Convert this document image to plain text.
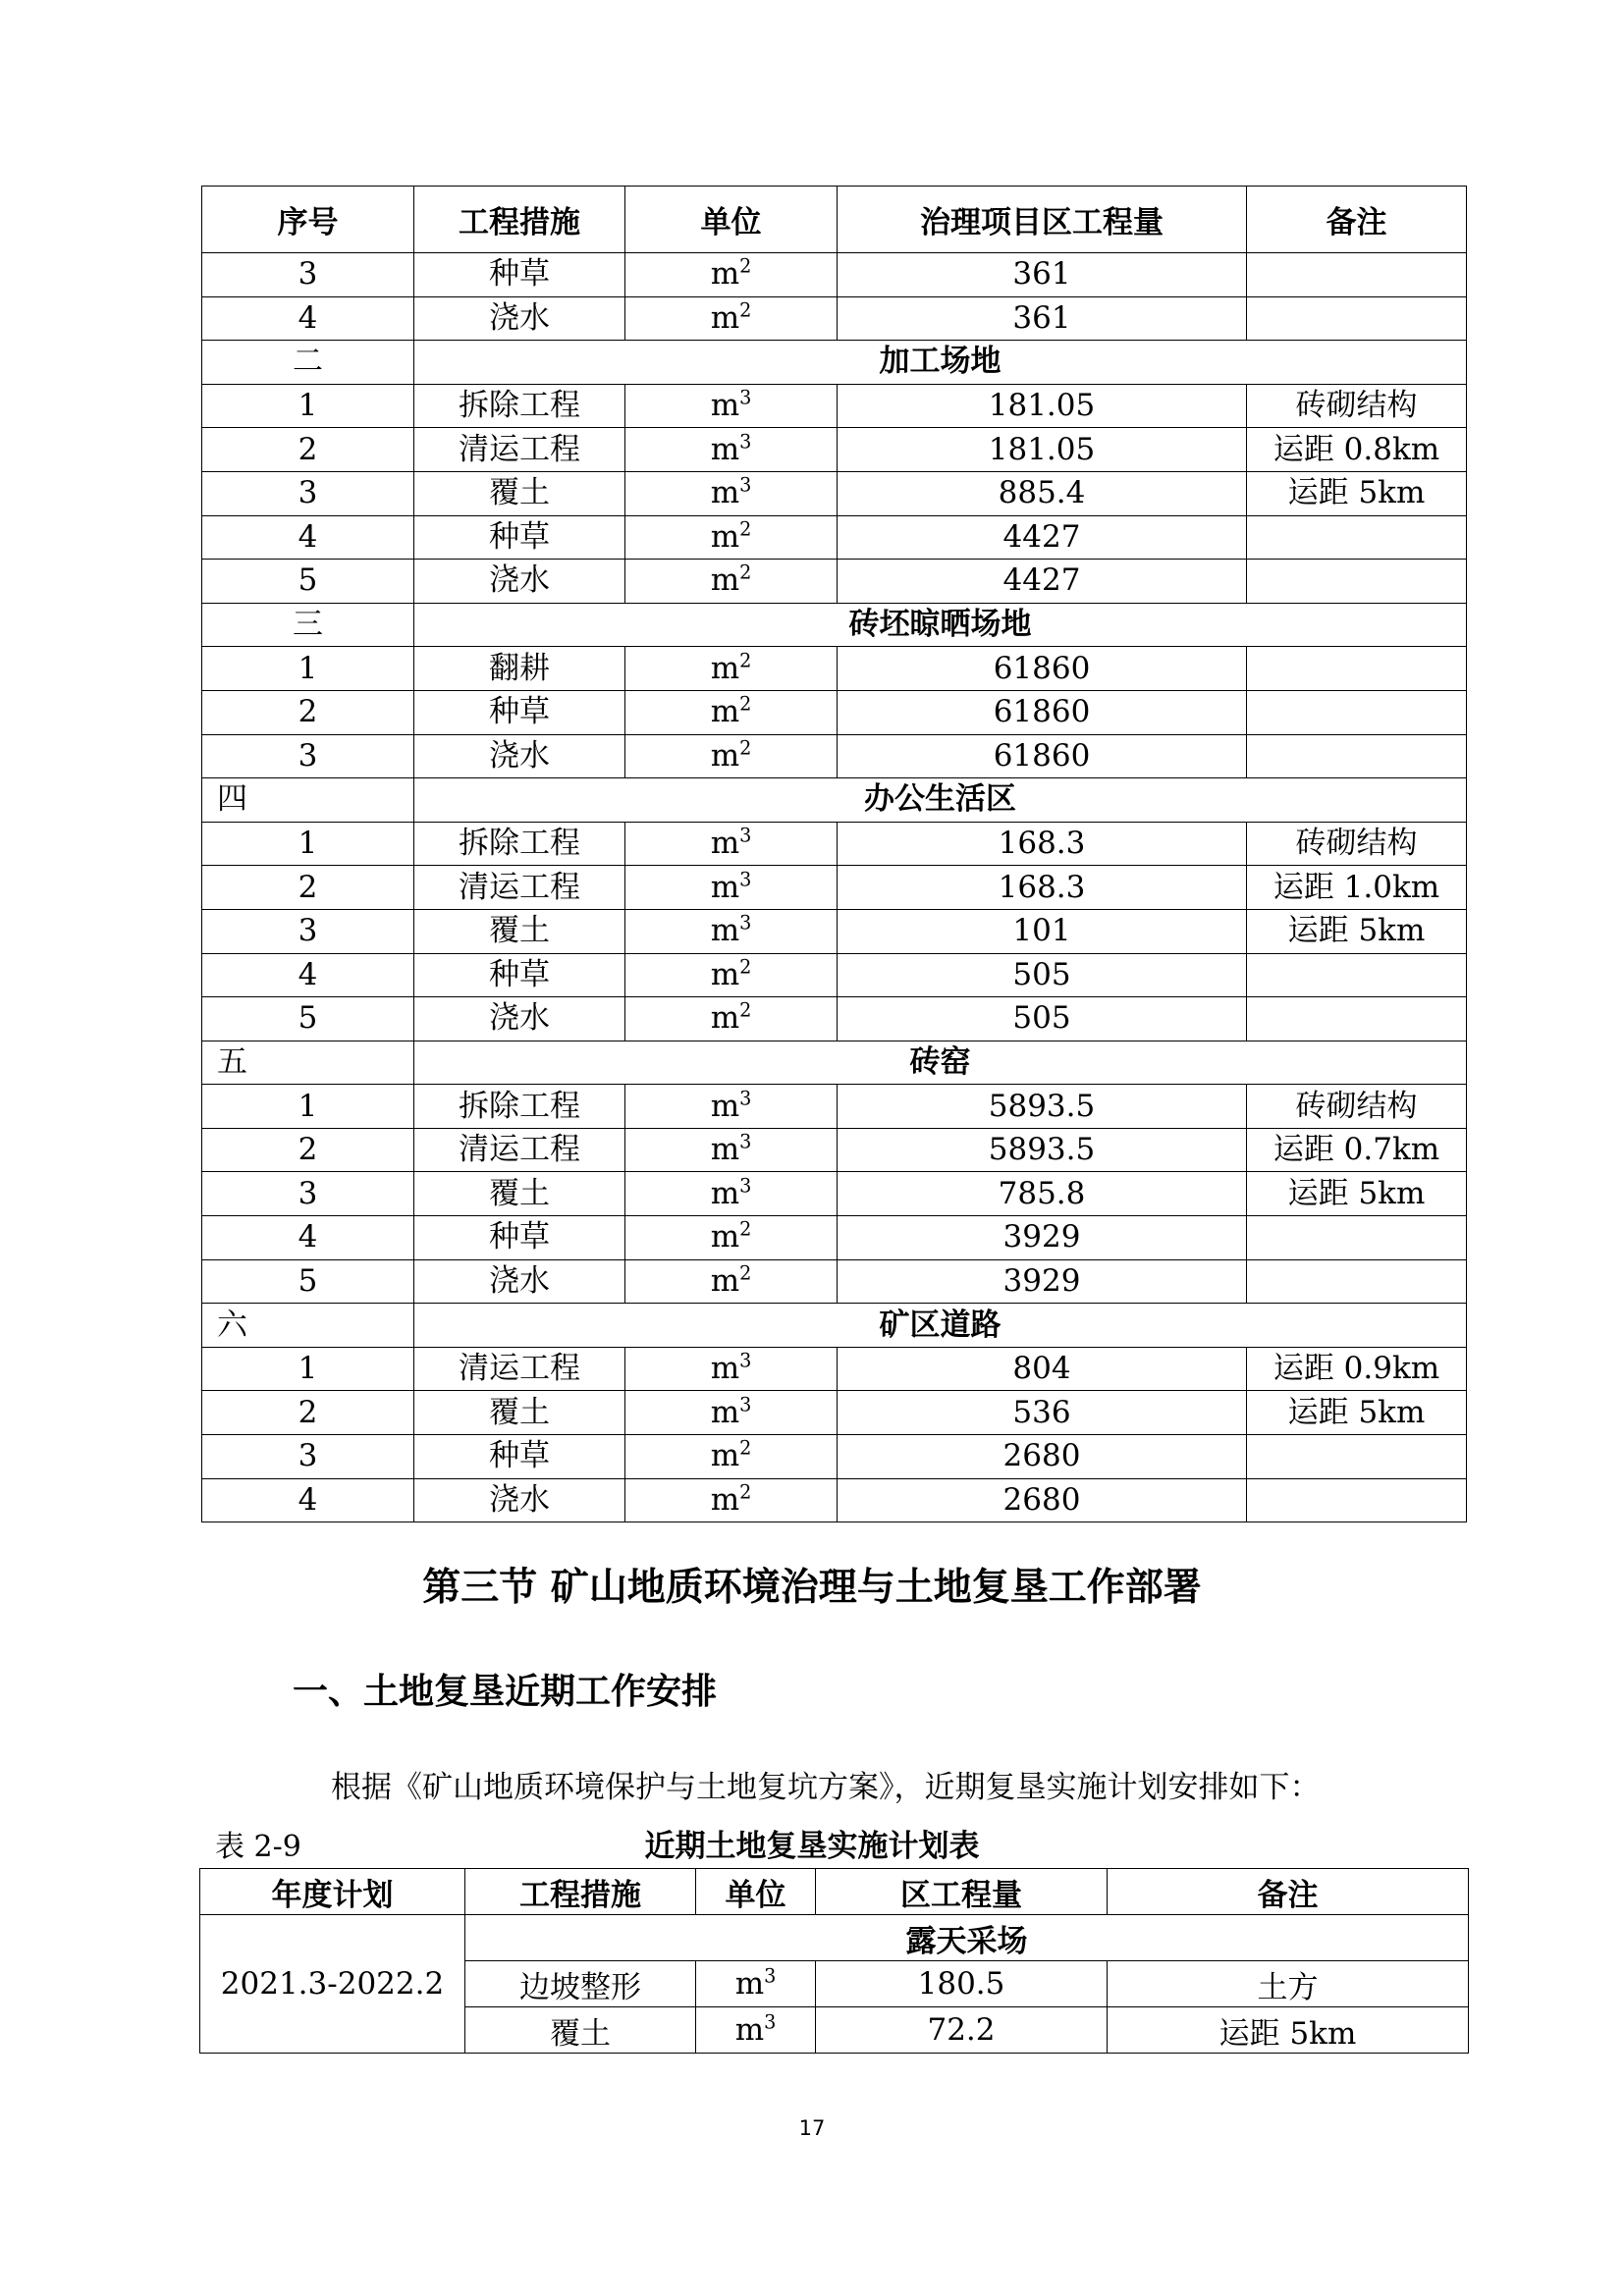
序号	工程措施	单位	治理项目区工程量	备注
3	种草	$m^2$	361	
4	浇水	$m^2$	361	
二	加工场地			
1	拆除工程	$m^3$	181.05	砖砌结构
2	清运工程	$m^3$	181.05	运距 0.8km
3	覆土	$m^3$	885.4	运距 5km
4	种草	$m^2$	4427	
5	浇水	$m^2$	4427	
三	砖坯晾晒场地			
1	翻耕	$m^2$	61860	
2	种草	$m^2$	61860	
3	浇水	$m^2$	61860	
四	办公生活区			
1	拆除工程	$m^3$	168.3	砖砌结构
2	清运工程	$m^3$	168.3	运距 1.0km
3	覆土	$m^3$	101	运距 5km
4	种草	$m^2$	505	
5	浇水	$m^2$	505	
五	砖窑			
1	拆除工程	$m^3$	5893.5	砖砌结构
2	清运工程	$m^3$	5893.5	运距 0.7km
3	覆土	$m^3$	785.8	运距 5km
4	种草	$m^2$	3929	
5	浇水	$m^2$	3929	
六	矿区道路			
1	清运工程	$m^3$	804	运距 0.9km
2	覆土	$m^3$	536	运距 5km
3	种草	$m^2$	2680	
4	浇水	$m^2$	2680	
第三节 矿山地质环境治理与土地复垦工作部署
一、土地复垦近期工作安排
根据《矿山地质环境保护与土地复坑方案》，近期复垦实施计划安排如下：
表 2-9	近期土地复垦实施计划表
年度计划	工程措施	单位	区工程量	备注
2021.3-2022.2	露天采场			
	边坡整形	$m^3$	180.5	土方
	覆土	$m^3$	72.2	运距 5km
17
